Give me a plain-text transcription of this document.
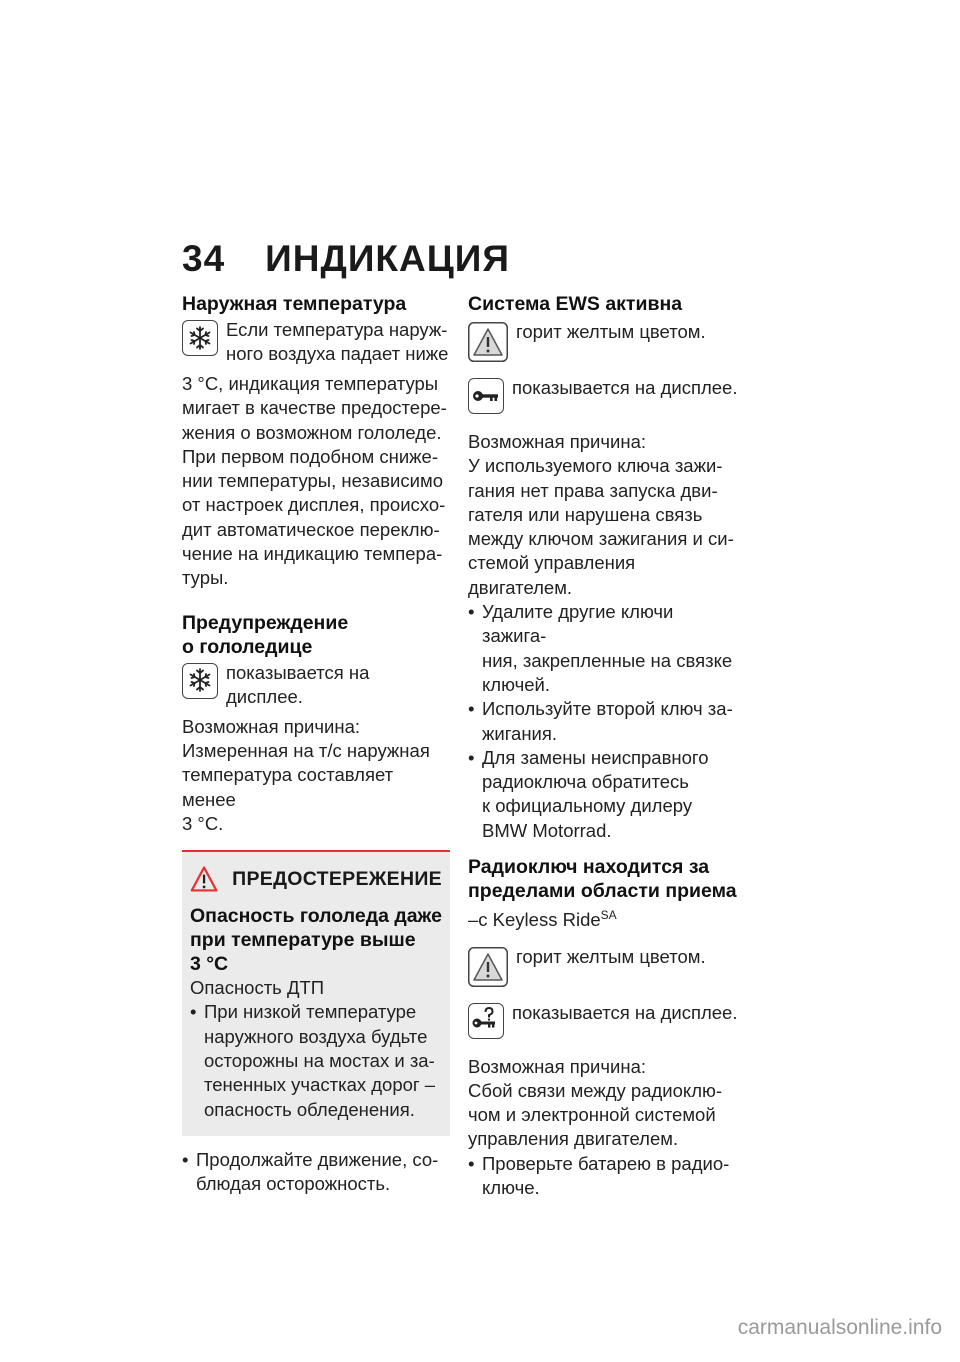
34 ИНДИКАЦИЯ

Наружная температура

Если температура наруж-

ного воздуха падает ниже

3 °C, индикация температуры

мигает в качестве предостере-

жения о возможном гололеде.

При первом подобном сниже-

нии температуры, независимо

от настроек дисплея, происхо-

дит автоматическое переклю-

чение на индикацию темпера-

туры.

Предупреждение

о гололедице

показывается на дисплее.

Возможная причина:

Измеренная на т/с наружная

температура составляет менее

3 °C.

ПРЕДОСТЕРЕЖЕНИЕ

Опасность гололеда даже

при температуре выше

3 °C

Опасность ДТП

• При низкой температуре
наружного воздуха будьте
осторожны на мостах и за-
тененных участках дорог –
опасность обледенения.
• Продолжайте движение, со-
блюдая осторожность.

Система EWS активна

горит желтым цветом.

показывается на дисплее.

Возможная причина:

У используемого ключа зажи-

гания нет права запуска дви-

гателя или нарушена связь

между ключом зажигания и си-

стемой управления двигателем.

• Удалите другие ключи зажига-
ния, закрепленные на связке
ключей.
• Используйте второй ключ за-
жигания.
• Для замены неисправного
радиоключа обратитесь
к официальному дилеру
BMW Motorrad.

Радиоключ находится за

пределами области приема

–с Keyless Ride$^{SA}$

горит желтым цветом.

показывается на дисплее.

Возможная причина:

Сбой связи между радиоклю-

чом и электронной системой

управления двигателем.

• Проверьте батарею в радио-
ключе.
carmanualsonline.info
